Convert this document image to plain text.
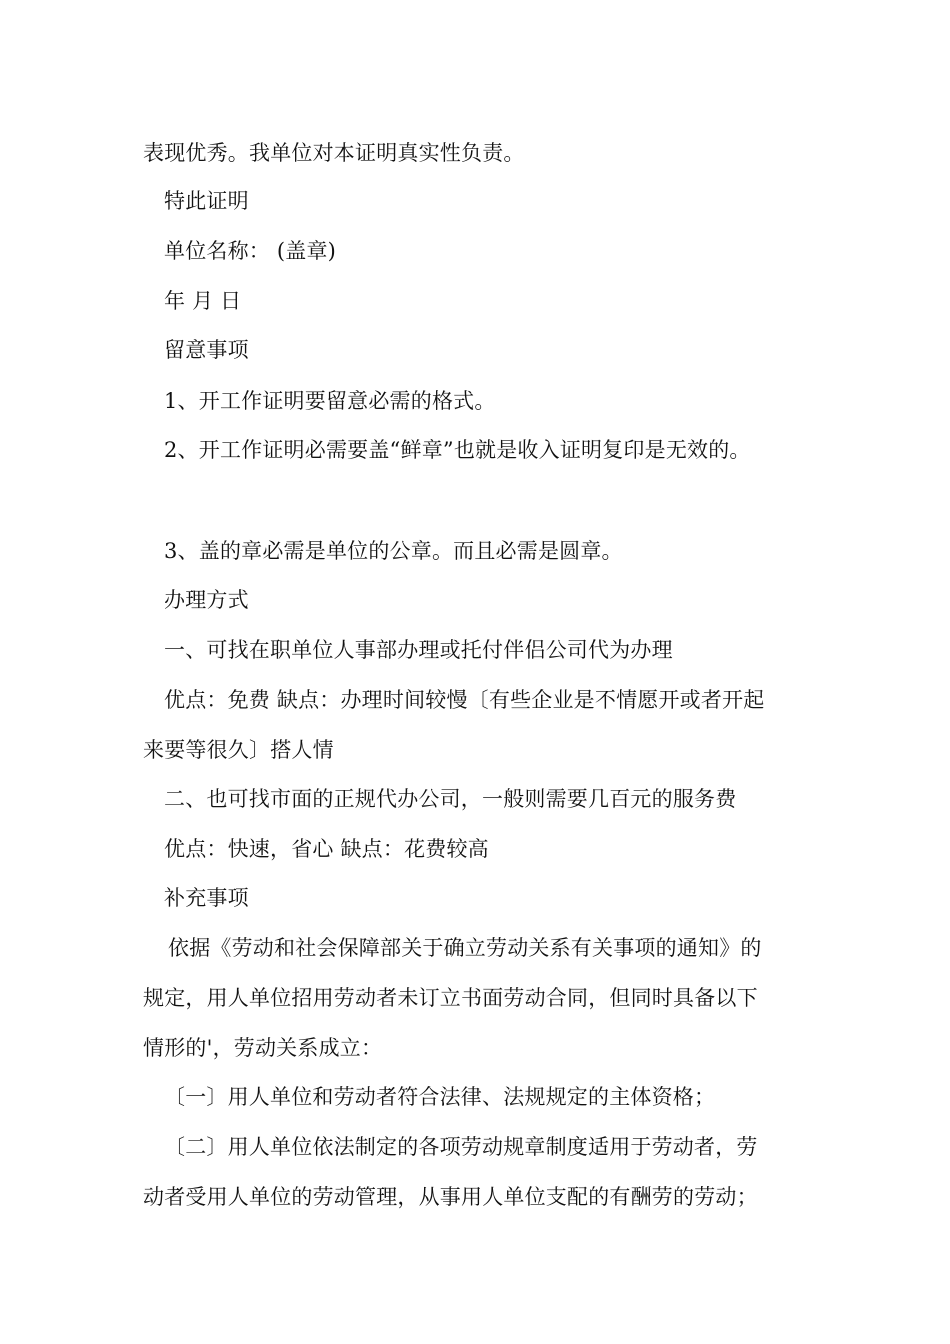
表现优秀。我单位对本证明真实性负责。
特此证明
单位名称： (盖章)
年 月 日
留意事项
1、开工作证明要留意必需的格式。
2、开工作证明必需要盖“鲜章”也就是收入证明复印是无效的。
3、盖的章必需是单位的公章。而且必需是圆章。
办理方式
一、可找在职单位人事部办理或托付伴侣公司代为办理
优点：免费 缺点：办理时间较慢〔有些企业是不情愿开或者开起
来要等很久〕搭人情
二、也可找市面的正规代办公司，一般则需要几百元的服务费
优点：快速，省心 缺点：花费较高
补充事项
依据《劳动和社会保障部关于确立劳动关系有关事项的通知》的
规定，用人单位招用劳动者未订立书面劳动合同，但同时具备以下
情形的'，劳动关系成立：
〔一〕用人单位和劳动者符合法律、法规规定的主体资格；
〔二〕用人单位依法制定的各项劳动规章制度适用于劳动者，劳
动者受用人单位的劳动管理，从事用人单位支配的有酬劳的劳动；
